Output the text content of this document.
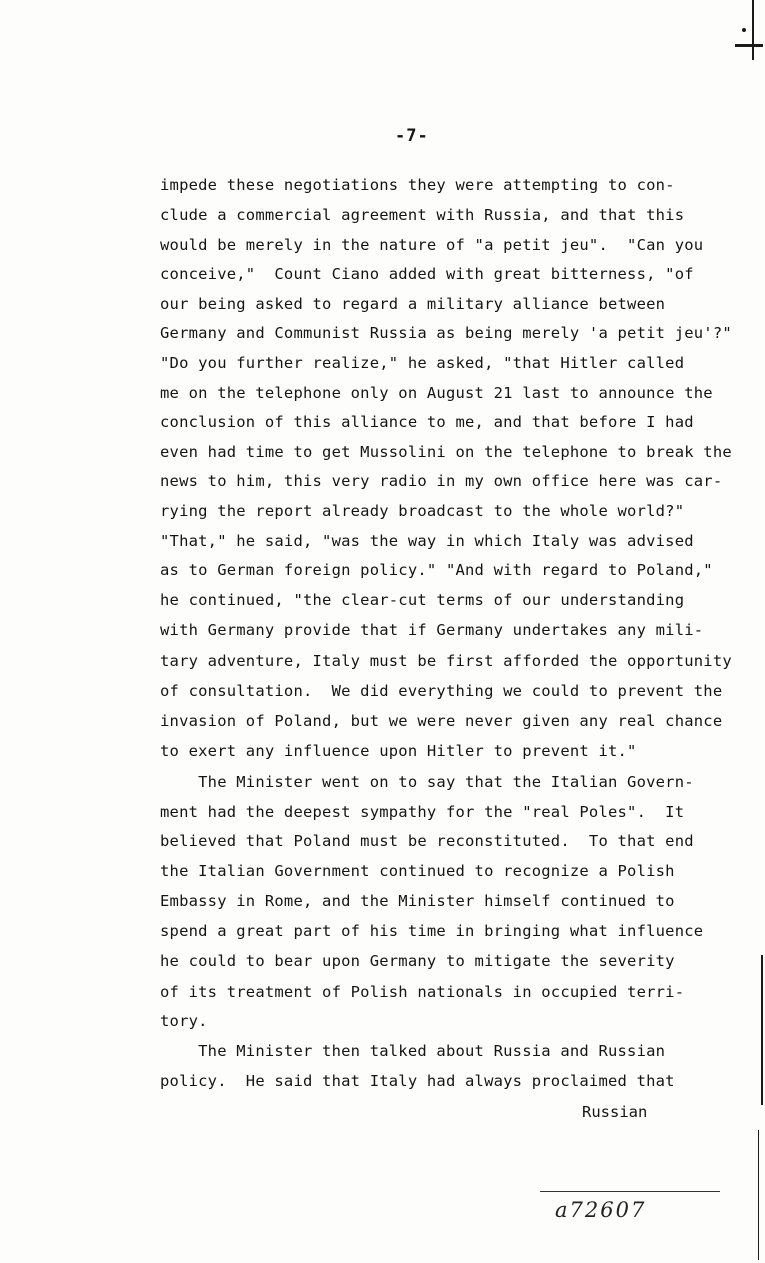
-7-
impede these negotiations they were attempting to con-
clude a commercial agreement with Russia, and that this
would be merely in the nature of "a petit jeu".  "Can you
conceive,"  Count Ciano added with great bitterness, "of
our being asked to regard a military alliance between
Germany and Communist Russia as being merely 'a petit jeu'?"
"Do you further realize," he asked, "that Hitler called
me on the telephone only on August 21 last to announce the
conclusion of this alliance to me, and that before I had
even had time to get Mussolini on the telephone to break the
news to him, this very radio in my own office here was car-
rying the report already broadcast to the whole world?"
"That," he said, "was the way in which Italy was advised
as to German foreign policy." "And with regard to Poland,"
he continued, "the clear-cut terms of our understanding
with Germany provide that if Germany undertakes any mili-
tary adventure, Italy must be first afforded the opportunity
of consultation.  We did everything we could to prevent the
invasion of Poland, but we were never given any real chance
to exert any influence upon Hitler to prevent it."
The Minister went on to say that the Italian Govern-
ment had the deepest sympathy for the "real Poles".  It
believed that Poland must be reconstituted.  To that end
the Italian Government continued to recognize a Polish
Embassy in Rome, and the Minister himself continued to
spend a great part of his time in bringing what influence
he could to bear upon Germany to mitigate the severity
of its treatment of Polish nationals in occupied terri-
tory.
The Minister then talked about Russia and Russian
policy.  He said that Italy had always proclaimed that
Russian
a72607
